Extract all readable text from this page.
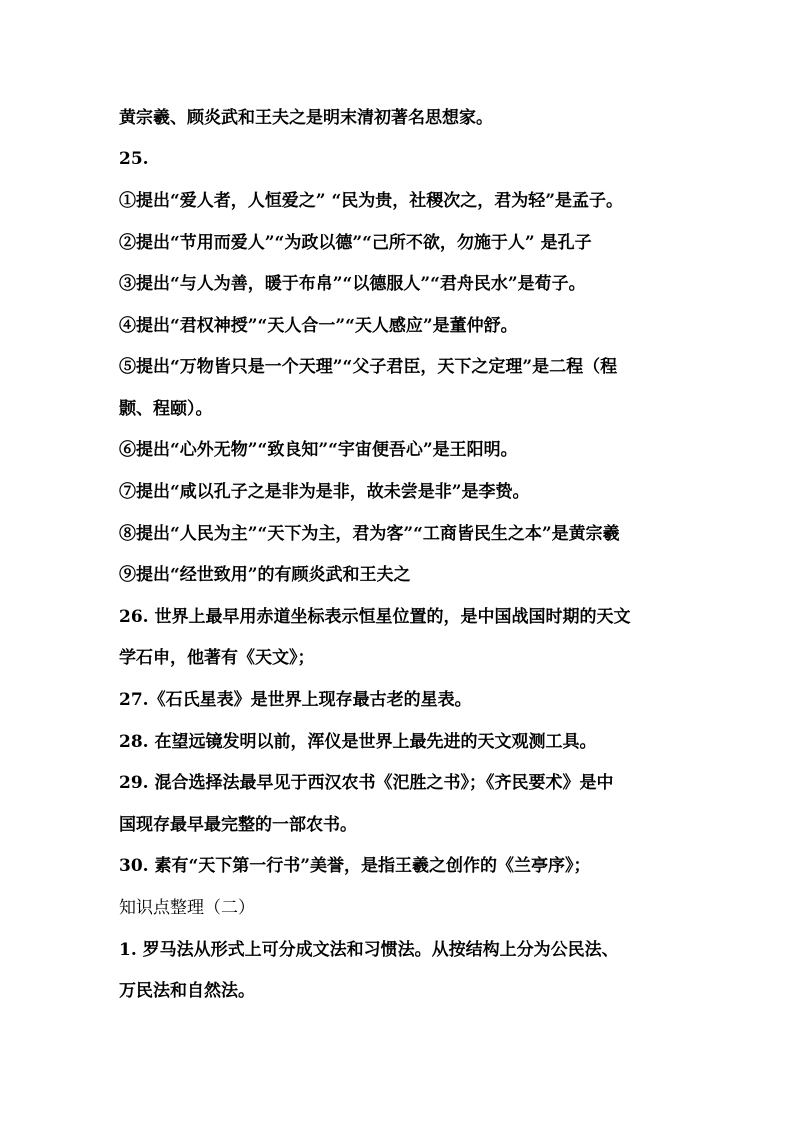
黄宗羲、顾炎武和王夫之是明末清初著名思想家。
25.
①提出“爱人者，人恒爱之” “民为贵，社稷次之，君为轻”是孟子。
②提出“节用而爱人”“为政以德”“己所不欲，勿施于人” 是孔子
③提出“与人为善，暖于布帛”“以德服人”“君舟民水”是荀子。
④提出“君权神授”“天人合一”“天人感应”是董仲舒。
⑤提出“万物皆只是一个天理”“父子君臣，天下之定理”是二程（程
颢、程颐）。
⑥提出“心外无物”“致良知”“宇宙便吾心”是王阳明。
⑦提出“咸以孔子之是非为是非，故未尝是非”是李贽。
⑧提出“人民为主”“天下为主，君为客”“工商皆民生之本”是黄宗羲
⑨提出“经世致用”的有顾炎武和王夫之
26. 世界上最早用赤道坐标表示恒星位置的，是中国战国时期的天文
学石申，他著有《天文》；
27.《石氏星表》是世界上现存最古老的星表。
28. 在望远镜发明以前，浑仪是世界上最先进的天文观测工具。
29. 混合选择法最早见于西汉农书《汜胜之书》；《齐民要术》是中
国现存最早最完整的一部农书。
30. 素有“天下第一行书”美誉，是指王羲之创作的《兰亭序》；
知识点整理（二）
1. 罗马法从形式上可分成文法和习惯法。从按结构上分为公民法、
万民法和自然法。
